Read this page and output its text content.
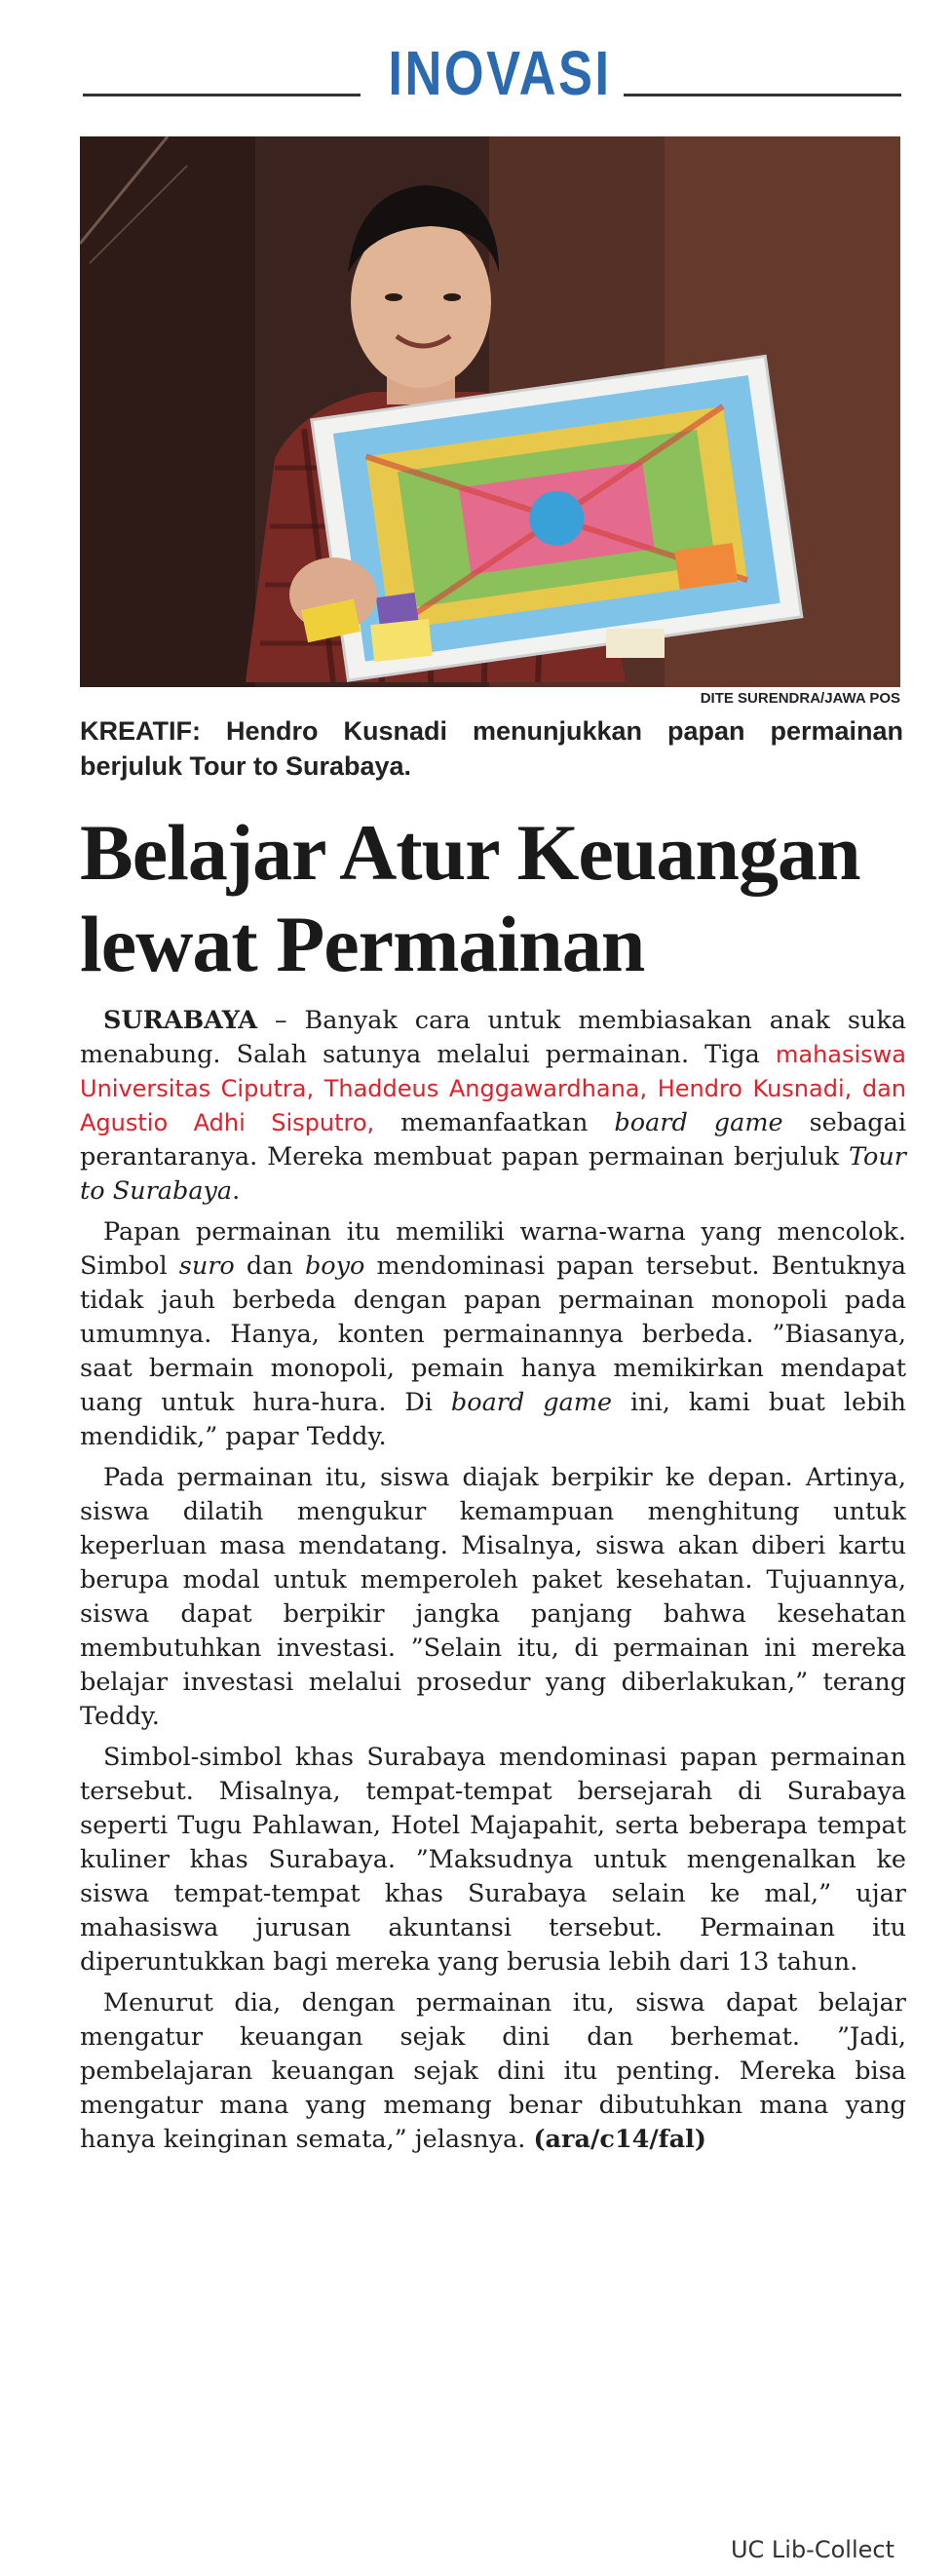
INOVASI
DITE SURENDRA/JAWA POS
KREATIF: Hendro Kusnadi menunjukkan papan permainan berjuluk Tour to Surabaya.
Belajar Atur Keuangan
lewat Permainan

SURABAYA – Banyak cara untuk membiasakan anak suka menabung. Salah satunya melalui permainan. Tiga mahasiswa Universitas Ciputra, Thaddeus Anggawardhana, Hendro Kusnadi, dan Agustio Adhi Sisputro, memanfaatkan board game sebagai perantaranya. Mereka membuat papan permainan berjuluk Tour to Surabaya.

Papan permainan itu memiliki warna-warna yang mencolok. Simbol suro dan boyo mendominasi papan tersebut. Bentuknya tidak jauh berbeda dengan papan permainan monopoli pada umumnya. Hanya, konten permainannya berbeda. ”Biasanya, saat bermain monopoli, pemain hanya memikirkan mendapat uang untuk hura-hura. Di board game ini, kami buat lebih mendidik,” papar Teddy.

Pada permainan itu, siswa diajak berpikir ke depan. Artinya, siswa dilatih mengukur kemampuan menghitung untuk keperluan masa mendatang. Misalnya, siswa akan diberi kartu berupa modal untuk memperoleh paket kesehatan. Tujuannya, siswa dapat berpikir jangka panjang bahwa kesehatan membutuhkan investasi. ”Selain itu, di permainan ini mereka belajar investasi melalui prosedur yang diberlakukan,” terang Teddy.

Simbol-simbol khas Surabaya mendominasi papan permainan tersebut. Misalnya, tempat-tempat bersejarah di Surabaya seperti Tugu Pahlawan, Hotel Majapahit, serta beberapa tempat kuliner khas Surabaya. ”Maksudnya untuk mengenalkan ke siswa tempat-tempat khas Surabaya selain ke mal,” ujar mahasiswa jurusan akuntansi tersebut. Permainan itu diperuntukkan bagi mereka yang berusia lebih dari 13 tahun.

Menurut dia, dengan permainan itu, siswa dapat belajar mengatur keuangan sejak dini dan berhemat. ”Jadi, pembelajaran keuangan sejak dini itu penting. Mereka bisa mengatur mana yang memang benar dibutuhkan mana yang hanya keinginan semata,” jelasnya. (ara/c14/fal)

UC Lib-Collect
